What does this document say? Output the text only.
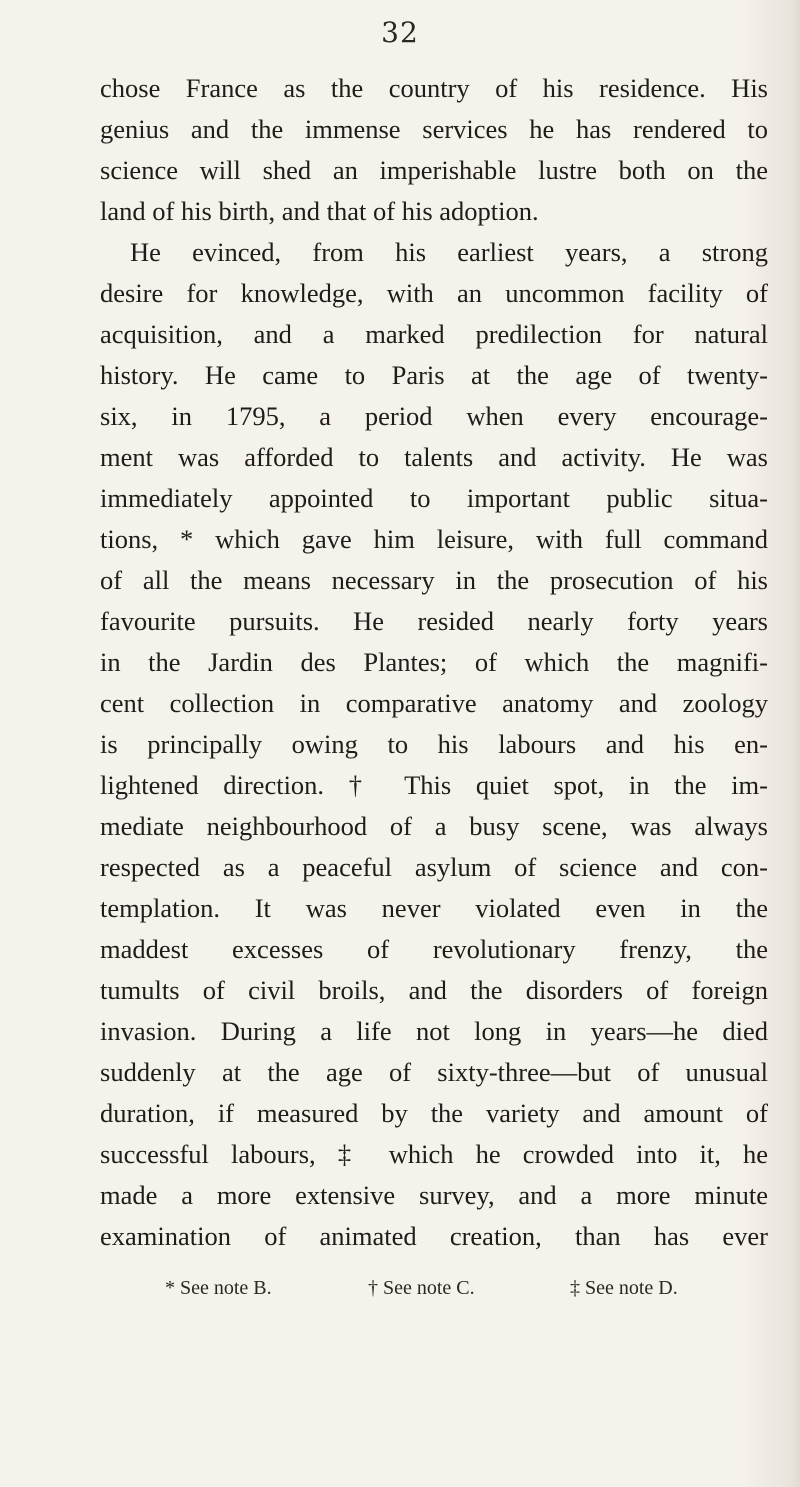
32
chose France as the country of his residence. His
genius and the immense services he has rendered to
science will shed an imperishable lustre both on the
land of his birth, and that of his adoption.
He evinced, from his earliest years, a strong
desire for knowledge, with an uncommon facility of
acquisition, and a marked predilection for natural
history. He came to Paris at the age of twenty-
six, in 1795, a period when every encourage-
ment was afforded to talents and activity. He was
immediately appointed to important public situa-
tions, * which gave him leisure, with full command
of all the means necessary in the prosecution of his
favourite pursuits. He resided nearly forty years
in the Jardin des Plantes; of which the magnifi-
cent collection in comparative anatomy and zoology
is principally owing to his labours and his en-
lightened direction. † This quiet spot, in the im-
mediate neighbourhood of a busy scene, was always
respected as a peaceful asylum of science and con-
templation. It was never violated even in the
maddest excesses of revolutionary frenzy, the
tumults of civil broils, and the disorders of foreign
invasion. During a life not long in years—he died
suddenly at the age of sixty-three—but of unusual
duration, if measured by the variety and amount of
successful labours, ‡ which he crowded into it, he
made a more extensive survey, and a more minute
examination of animated creation, than has ever
* See note B.	† See note C.	‡ See note D.
